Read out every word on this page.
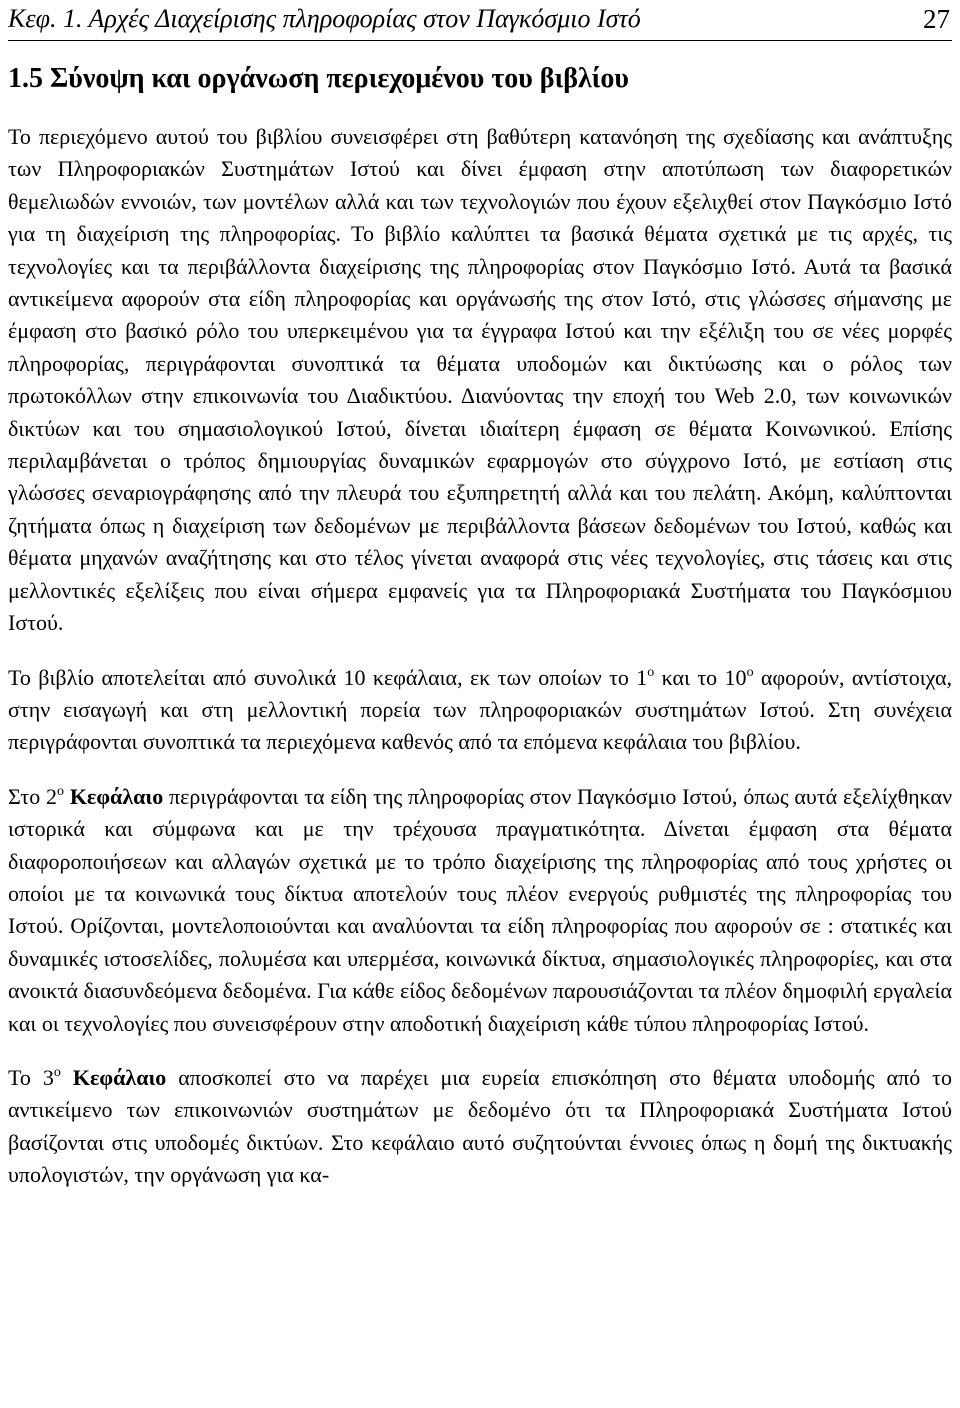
Κεφ. 1. Αρχές Διαχείρισης πληροφορίας στον Παγκόσμιο Ιστό	27
1.5 Σύνοψη και οργάνωση περιεχομένου του βιβλίου

Το περιεχόμενο αυτού του βιβλίου συνεισφέρει στη βαθύτερη κατανόηση της σχεδίασης και ανάπτυξης των Πληροφοριακών Συστημάτων Ιστού και δίνει έμφαση στην αποτύπωση των διαφορετικών θεμελιωδών εννοιών, των μοντέλων αλλά και των τεχνολογιών που έχουν εξελιχθεί στον Παγκόσμιο Ιστό για τη διαχείριση της πληροφορίας. Το βιβλίο καλύπτει τα βασικά θέματα σχετικά με τις αρχές, τις τεχνολογίες και τα περιβάλλοντα διαχείρισης της πληροφορίας στον Παγκόσμιο Ιστό. Αυτά τα βασικά αντικείμενα αφορούν στα είδη πληροφορίας και οργάνωσής της στον Ιστό, στις γλώσσες σήμανσης με έμφαση στο βασικό ρόλο του υπερκειμένου για τα έγγραφα Ιστού και την εξέλιξη του σε νέες μορφές πληροφορίας, περιγράφονται συνοπτικά τα θέματα υποδομών και δικτύωσης και ο ρόλος των πρωτοκόλλων στην επικοινωνία του Διαδικτύου. Διανύοντας την εποχή του Web 2.0, των κοινωνικών δικτύων και του σημασιολογικού Ιστού, δίνεται ιδιαίτερη έμφαση σε θέματα Κοινωνικού. Επίσης περιλαμβάνεται ο τρόπος δημιουργίας δυναμικών εφαρμογών στο σύγχρονο Ιστό, με εστίαση στις γλώσσες σεναριογράφησης από την πλευρά του εξυπηρετητή αλλά και του πελάτη. Ακόμη, καλύπτονται ζητήματα όπως η διαχείριση των δεδομένων με περιβάλλοντα βάσεων δεδομένων του Ιστού, καθώς και θέματα μηχανών αναζήτησης και στο τέλος γίνεται αναφορά στις νέες τεχνολογίες, στις τάσεις και στις μελλοντικές εξελίξεις που είναι σήμερα εμφανείς για τα Πληροφοριακά Συστήματα του Παγκόσμιου Ιστού.

Το βιβλίο αποτελείται από συνολικά 10 κεφάλαια, εκ των οποίων το $1^o$ και το $10^o$ αφορούν, αντίστοιχα, στην εισαγωγή και στη μελλοντική πορεία των πληροφοριακών συστημάτων Ιστού. Στη συνέχεια περιγράφονται συνοπτικά τα περιεχόμενα καθενός από τα επόμενα κεφάλαια του βιβλίου.

Στο $2^o$ Κεφάλαιο περιγράφονται τα είδη της πληροφορίας στον Παγκόσμιο Ιστού, όπως αυτά εξελίχθηκαν ιστορικά και σύμφωνα και με την τρέχουσα πραγματικότητα. Δίνεται έμφαση στα θέματα διαφοροποιήσεων και αλλαγών σχετικά με το τρόπο διαχείρισης της πληροφορίας από τους χρήστες οι οποίοι με τα κοινωνικά τους δίκτυα αποτελούν τους πλέον ενεργούς ρυθμιστές της πληροφορίας του Ιστού. Ορίζονται, μοντελοποιούνται και αναλύονται τα είδη πληροφορίας που αφορούν σε : στατικές και δυναμικές ιστοσελίδες, πολυμέσα και υπερμέσα, κοινωνικά δίκτυα, σημασιολογικές πληροφορίες, και στα ανοικτά διασυνδεόμενα δεδομένα. Για κάθε είδος δεδομένων παρουσιάζονται τα πλέον δημοφιλή εργαλεία και οι τεχνολογίες που συνεισφέρουν στην αποδοτική διαχείριση κάθε τύπου πληροφορίας Ιστού.

Το $3^o$ Κεφάλαιο αποσκοπεί στο να παρέχει μια ευρεία επισκόπηση στο θέματα υποδομής από το αντικείμενο των επικοινωνιών συστημάτων με δεδομένο ότι τα Πληροφοριακά Συστήματα Ιστού βασίζονται στις υποδομές δικτύων. Στο κεφάλαιο αυτό συζητούνται έννοιες όπως η δομή της δικτυακής υπολογιστών, την οργάνωση για κα-
